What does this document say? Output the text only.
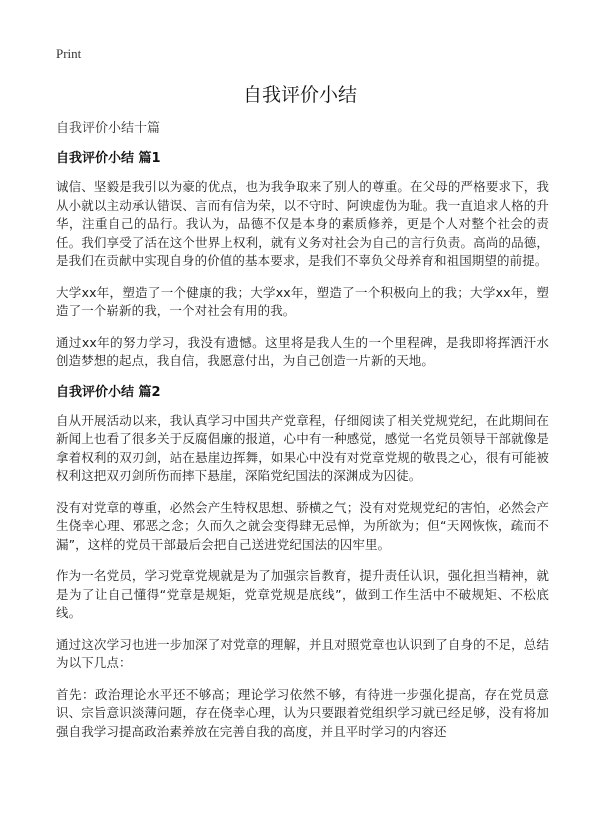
Print
自我评价小结

自我评价小结十篇

自我评价小结 篇1

诚信、坚毅是我引以为豪的优点，也为我争取来了别人的尊重。在父母的严格要求下，我从小就以主动承认错误、言而有信为荣，以不守时、阿谀虚伪为耻。我一直追求人格的升华，注重自己的品行。我认为，品德不仅是本身的素质修养，更是个人对整个社会的责任。我们享受了活在这个世界上权利，就有义务对社会为自己的言行负责。高尚的品德，是我们在贡献中实现自身的价值的基本要求，是我们不辜负父母养育和祖国期望的前提。

大学xx年，塑造了一个健康的我；大学xx年，塑造了一个积极向上的我；大学xx年，塑造了一个崭新的我，一个对社会有用的我。

通过xx年的努力学习，我没有遗憾。这里将是我人生的一个里程碑，是我即将挥洒汗水创造梦想的起点，我自信，我愿意付出，为自己创造一片新的天地。

自我评价小结 篇2

自从开展活动以来，我认真学习中国共产党章程，仔细阅读了相关党规党纪，在此期间在新闻上也看了很多关于反腐倡廉的报道，心中有一种感觉，感觉一名党员领导干部就像是拿着权利的双刃剑，站在悬崖边挥舞，如果心中没有对党章党规的敬畏之心，很有可能被权利这把双刃剑所伤而摔下悬崖，深陷党纪国法的深渊成为囚徒。

没有对党章的尊重，必然会产生特权思想、骄横之气；没有对党规党纪的害怕，必然会产生侥幸心理、邪恶之念；久而久之就会变得肆无忌惮，为所欲为；但“天网恢恢，疏而不漏”，这样的党员干部最后会把自己送进党纪国法的囚牢里。

作为一名党员，学习党章党规就是为了加强宗旨教育，提升责任认识，强化担当精神，就是为了让自己懂得“党章是规矩，党章党规是底线”，做到工作生活中不破规矩、不松底线。

通过这次学习也进一步加深了对党章的理解，并且对照党章也认识到了自身的不足，总结为以下几点：

首先：政治理论水平还不够高；理论学习依然不够，有待进一步强化提高，存在党员意识、宗旨意识淡薄问题，存在侥幸心理，认为只要跟着党组织学习就已经足够，没有将加强自我学习提高政治素养放在完善自我的高度，并且平时学习的内容还
